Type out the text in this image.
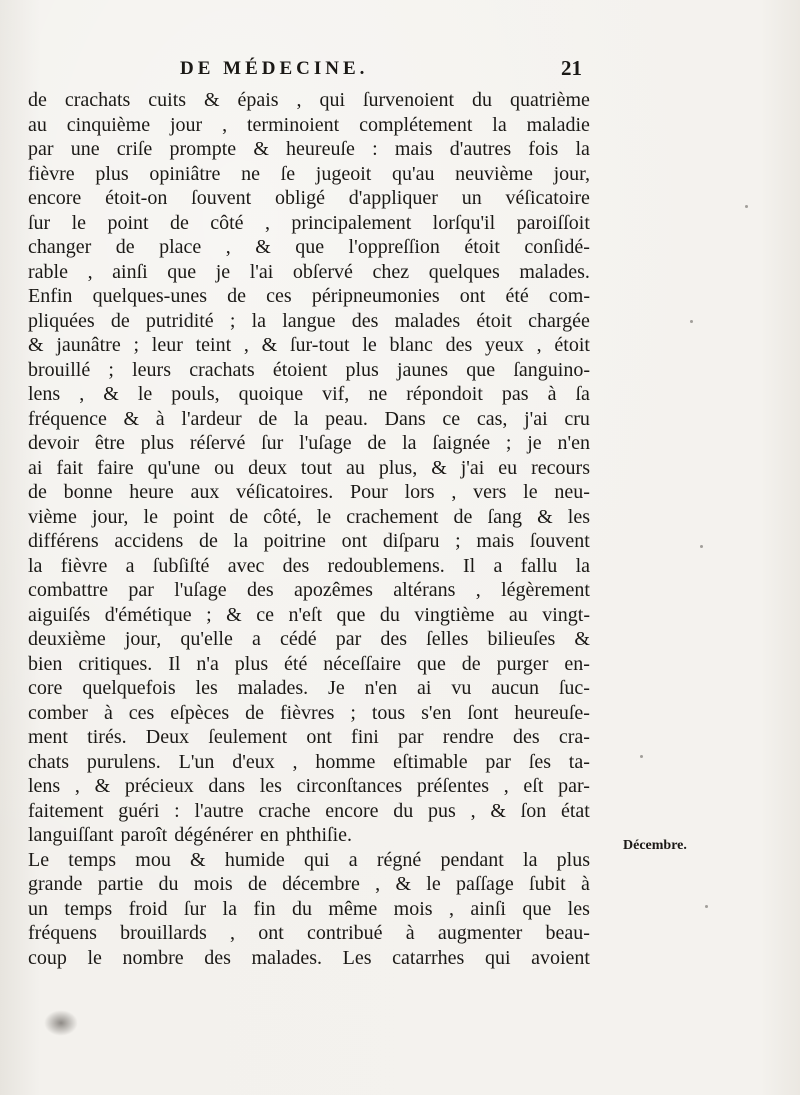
DE MÉDECINE.	21
de crachats cuits & épais , qui ſurvenoient du quatrième
au cinquième jour , terminoient complétement la maladie
par une criſe prompte & heureuſe : mais d'autres fois la
fièvre plus opiniâtre ne ſe jugeoit qu'au neuvième jour,
encore étoit-on ſouvent obligé d'appliquer un véſicatoire
ſur le point de côté , principalement lorſqu'il paroiſſoit
changer de place , & que l'oppreſſion étoit conſidé-
rable , ainſi que je l'ai obſervé chez quelques malades.
Enfin quelques-unes de ces péripneumonies ont été com-
pliquées de putridité ; la langue des malades étoit chargée
& jaunâtre ; leur teint , & ſur-tout le blanc des yeux , étoit
brouillé ; leurs crachats étoient plus jaunes que ſanguino-
lens , & le pouls, quoique vif, ne répondoit pas à ſa
fréquence & à l'ardeur de la peau. Dans ce cas, j'ai cru
devoir être plus réſervé ſur l'uſage de la ſaignée ; je n'en
ai fait faire qu'une ou deux tout au plus, & j'ai eu recours
de bonne heure aux véſicatoires. Pour lors , vers le neu-
vième jour, le point de côté, le crachement de ſang & les
différens accidens de la poitrine ont diſparu ; mais ſouvent
la fièvre a ſubſiſté avec des redoublemens. Il a fallu la
combattre par l'uſage des apozêmes altérans , légèrement
aiguiſés d'émétique ; & ce n'eſt que du vingtième au vingt-
deuxième jour, qu'elle a cédé par des ſelles bilieuſes &
bien critiques. Il n'a plus été néceſſaire que de purger en-
core quelquefois les malades. Je n'en ai vu aucun ſuc-
comber à ces eſpèces de fièvres ; tous s'en ſont heureuſe-
ment tirés. Deux ſeulement ont fini par rendre des cra-
chats purulens. L'un d'eux , homme eſtimable par ſes ta-
lens , & précieux dans les circonſtances préſentes , eſt par-
faitement guéri : l'autre crache encore du pus , & ſon état
languiſſant paroît dégénérer en phthiſie.
Le temps mou & humide qui a régné pendant la plus
grande partie du mois de décembre , & le paſſage ſubit à
un temps froid ſur la fin du même mois , ainſi que les
fréquens brouillards , ont contribué à augmenter beau-
coup le nombre des malades. Les catarrhes qui avoient
Décembre.
